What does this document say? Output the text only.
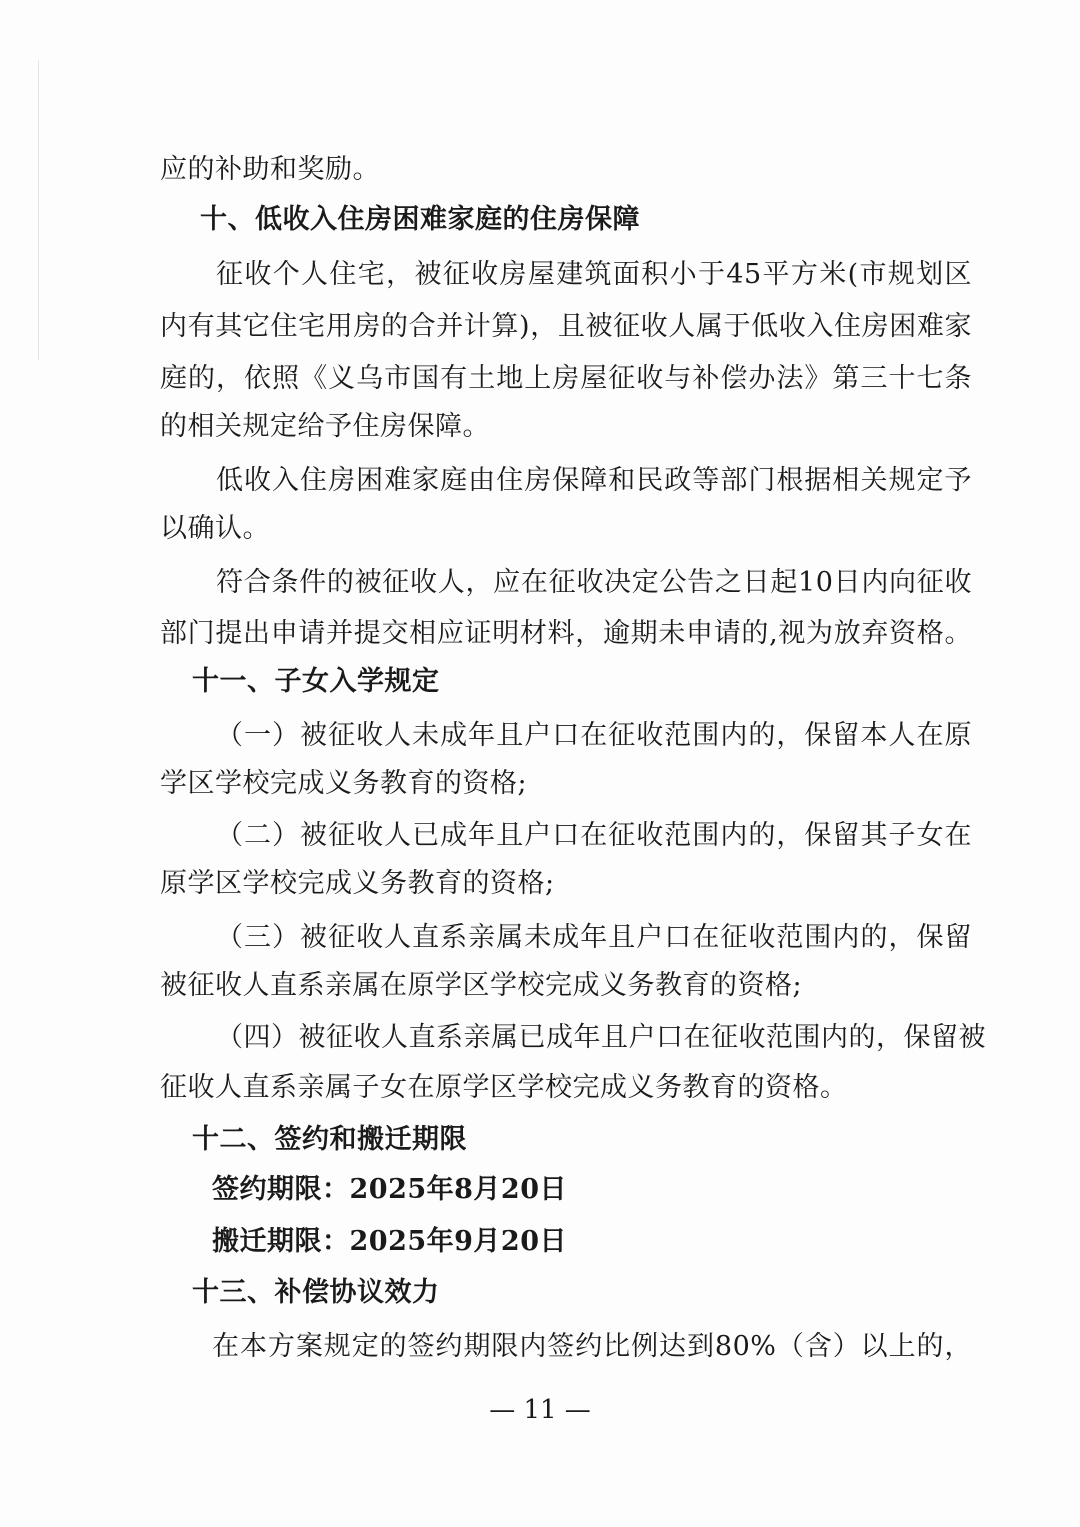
应的补助和奖励。
十、低收入住房困难家庭的住房保障
征收个人住宅，被征收房屋建筑面积小于45平方米(市规划区
内有其它住宅用房的合并计算)，且被征收人属于低收入住房困难家
庭的，依照《义乌市国有土地上房屋征收与补偿办法》第三十七条
的相关规定给予住房保障。
低收入住房困难家庭由住房保障和民政等部门根据相关规定予
以确认。
符合条件的被征收人，应在征收决定公告之日起10日内向征收
部门提出申请并提交相应证明材料，逾期未申请的,视为放弃资格。
十一、子女入学规定
（一）被征收人未成年且户口在征收范围内的，保留本人在原
学区学校完成义务教育的资格;
（二）被征收人已成年且户口在征收范围内的，保留其子女在
原学区学校完成义务教育的资格;
（三）被征收人直系亲属未成年且户口在征收范围内的，保留
被征收人直系亲属在原学区学校完成义务教育的资格;
（四）被征收人直系亲属已成年且户口在征收范围内的，保留被
征收人直系亲属子女在原学区学校完成义务教育的资格。
十二、签约和搬迁期限
签约期限：2025年8月20日
搬迁期限：2025年9月20日
十三、补偿协议效力
在本方案规定的签约期限内签约比例达到80%（含）以上的，
— 11 —
